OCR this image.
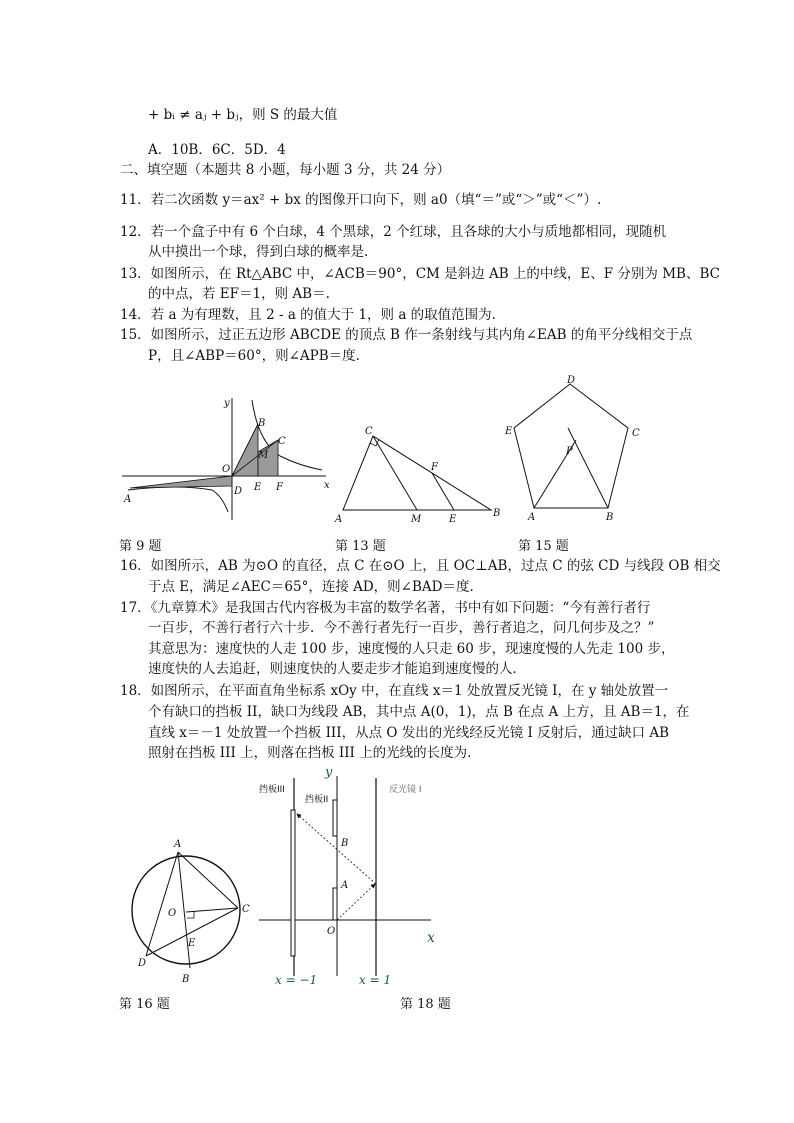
+ bᵢ ≠ aⱼ + bⱼ，则 S 的最大值
A．10B．6C．5D．4
二、填空题（本题共 8 小题，每小题 3 分，共 24 分）
11．若二次函数 y＝ax² + bx 的图像开口向下，则 a0（填“＝”或“＞”或“＜”）.
12．若一个盒子中有 6 个白球，4 个黑球，2 个红球，且各球的大小与质地都相同，现随机
从中摸出一个球，得到白球的概率是.
13．如图所示，在 Rt△ABC 中，∠ACB＝90°，CM 是斜边 AB 上的中线，E、F 分别为 MB、BC
的中点，若 EF＝1，则 AB＝.
14．若 a 为有理数，且 2 - a 的值大于 1，则 a 的取值范围为.
15．如图所示，过正五边形 ABCDE 的顶点 B 作一条射线与其内角∠EAB 的角平分线相交于点
P，且∠ABP＝60°，则∠APB＝度.
y
x
O
A
B
C
M
D E F
C
A	M	E
B
F
D
E	C
P
A	B
第 9 题	第 13 题	第 15 题
16．如图所示，AB 为⊙O 的直径，点 C 在⊙O 上，且 OC⊥AB，过点 C 的弦 CD 与线段 OB 相交
于点 E，满足∠AEC＝65°，连接 AD，则∠BAD＝度.
17．《九章算术》是我国古代内容极为丰富的数学名著，书中有如下问题：“今有善行者行
一百步，不善行者行六十步．今不善行者先行一百步，善行者追之，问几何步及之？”
其意思为：速度快的人走 100 步，速度慢的人只走 60 步，现速度慢的人先走 100 步，
速度快的人去追赶，则速度快的人要走步才能追到速度慢的人．
18．如图所示，在平面直角坐标系 xOy 中，在直线 x＝1 处放置反光镜 I，在 y 轴处放置一
个有缺口的挡板 II，缺口为线段 AB，其中点 A(0，1)，点 B 在点 A 上方，且 AB＝1，在
直线 x＝－1 处放置一个挡板 III，从点 O 发出的光线经反光镜 I 反射后，通过缺口 AB
照射在挡板 III 上，则落在挡板 III 上的光线的长度为.
A
O	C
E
D
B
挡板III
挡板II
反光镜 I
y
x
O
A
B
x = −1	x = 1
第 16 题	第 18 题
